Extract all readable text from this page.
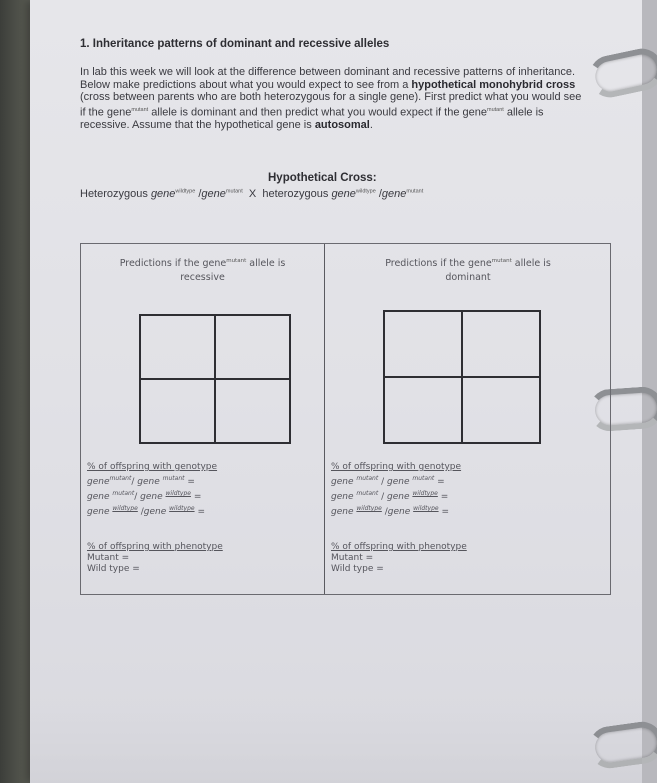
1. Inheritance patterns of dominant and recessive alleles

In lab this week we will look at the difference between dominant and recessive patterns of inheritance. Below make predictions about what you would expect to see from a hypothetical monohybrid cross (cross between parents who are both heterozygous for a single gene). First predict what you would see if the gene$^{mutant}$ allele is dominant and then predict what you would expect if the gene$^{mutant}$ allele is recessive. Assume that the hypothetical gene is autosomal.

Hypothetical Cross:

Heterozygous gene$^{wildtype}$ /gene$^{mutant}$ X heterozygous gene$^{wildtype}$ /gene$^{mutant}$

Predictions if the gene$^{mutant}$ allele is
recessive
% of offspring with genotype
gene$^{mutant}$/ gene $^{mutant}$ =
gene $^{mutant}$/ gene $^{wildtype}$ =
gene $^{wildtype}$ /gene $^{wildtype}$ =
% of offspring with phenotype
Mutant =
Wild type =
Predictions if the gene$^{mutant}$ allele is
dominant
% of offspring with genotype
gene $^{mutant}$ / gene $^{mutant}$ =
gene $^{mutant}$ / gene $^{wildtype}$ =
gene $^{wildtype}$ /gene $^{wildtype}$ =
% of offspring with phenotype
Mutant =
Wild type =
